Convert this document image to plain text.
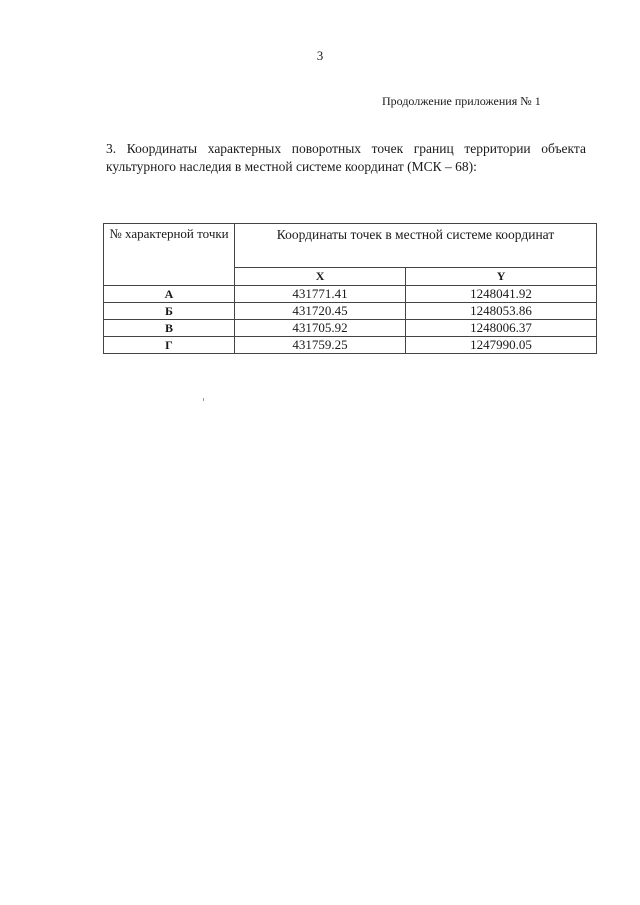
3
Продолжение приложения № 1
3. Координаты характерных поворотных точек границ территории объекта культурного наследия в местной системе координат (МСК – 68):
№ характерной точки	Координаты точек в местной системе координат	
	X	Y
А	431771.41	1248041.92
Б	431720.45	1248053.86
В	431705.92	1248006.37
Г	431759.25	1247990.05
